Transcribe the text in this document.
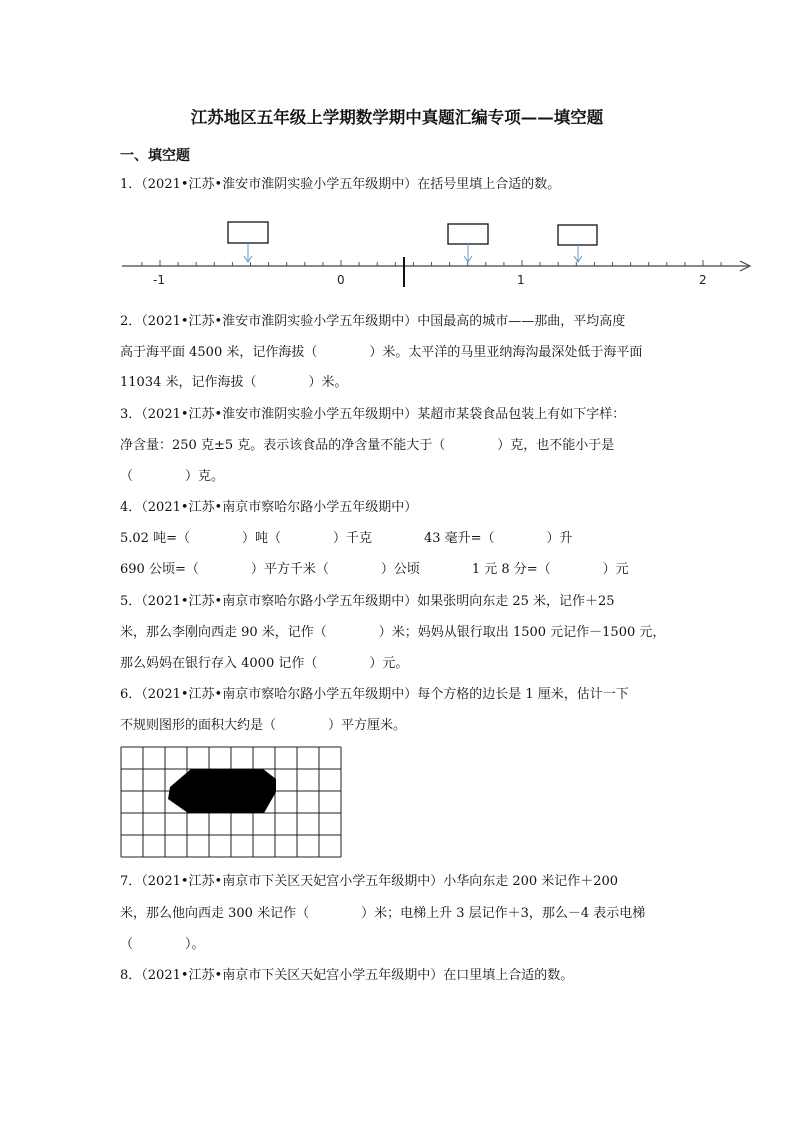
江苏地区五年级上学期数学期中真题汇编专项——填空题
一、填空题
1．（2021•江苏•淮安市淮阴实验小学五年级期中）在括号里填上合适的数。
-1	0	1	2
2．（2021•江苏•淮安市淮阴实验小学五年级期中）中国最高的城市——那曲，平均高度
高于海平面 4500 米，记作海拔（　　　　）米。太平洋的马里亚纳海沟最深处低于海平面
11034 米，记作海拔（　　　　）米。
3．（2021•江苏•淮安市淮阴实验小学五年级期中）某超市某袋食品包装上有如下字样：
净含量：250 克±5 克。表示该食品的净含量不能大于（　　　　）克，也不能小于是
（　　　　）克。
4．（2021•江苏•南京市察哈尔路小学五年级期中）
5.02 吨=（　　　　）吨（　　　　）千克　　　　43 毫升=（　　　　）升
690 公顷=（　　　　）平方千米（　　　　）公顷　　　　1 元 8 分=（　　　　）元
5．（2021•江苏•南京市察哈尔路小学五年级期中）如果张明向东走 25 米，记作＋25
米，那么李刚向西走 90 米，记作（　　　　）米；妈妈从银行取出 1500 元记作－1500 元，
那么妈妈在银行存入 4000 记作（　　　　）元。
6．（2021•江苏•南京市察哈尔路小学五年级期中）每个方格的边长是 1 厘米，估计一下
不规则图形的面积大约是（　　　　）平方厘米。
7．（2021•江苏•南京市下关区天妃宫小学五年级期中）小华向东走 200 米记作＋200
米，那么他向西走 300 米记作（　　　　）米；电梯上升 3 层记作＋3，那么－4 表示电梯
（　　　　）。
8．（2021•江苏•南京市下关区天妃宫小学五年级期中）在口里填上合适的数。
